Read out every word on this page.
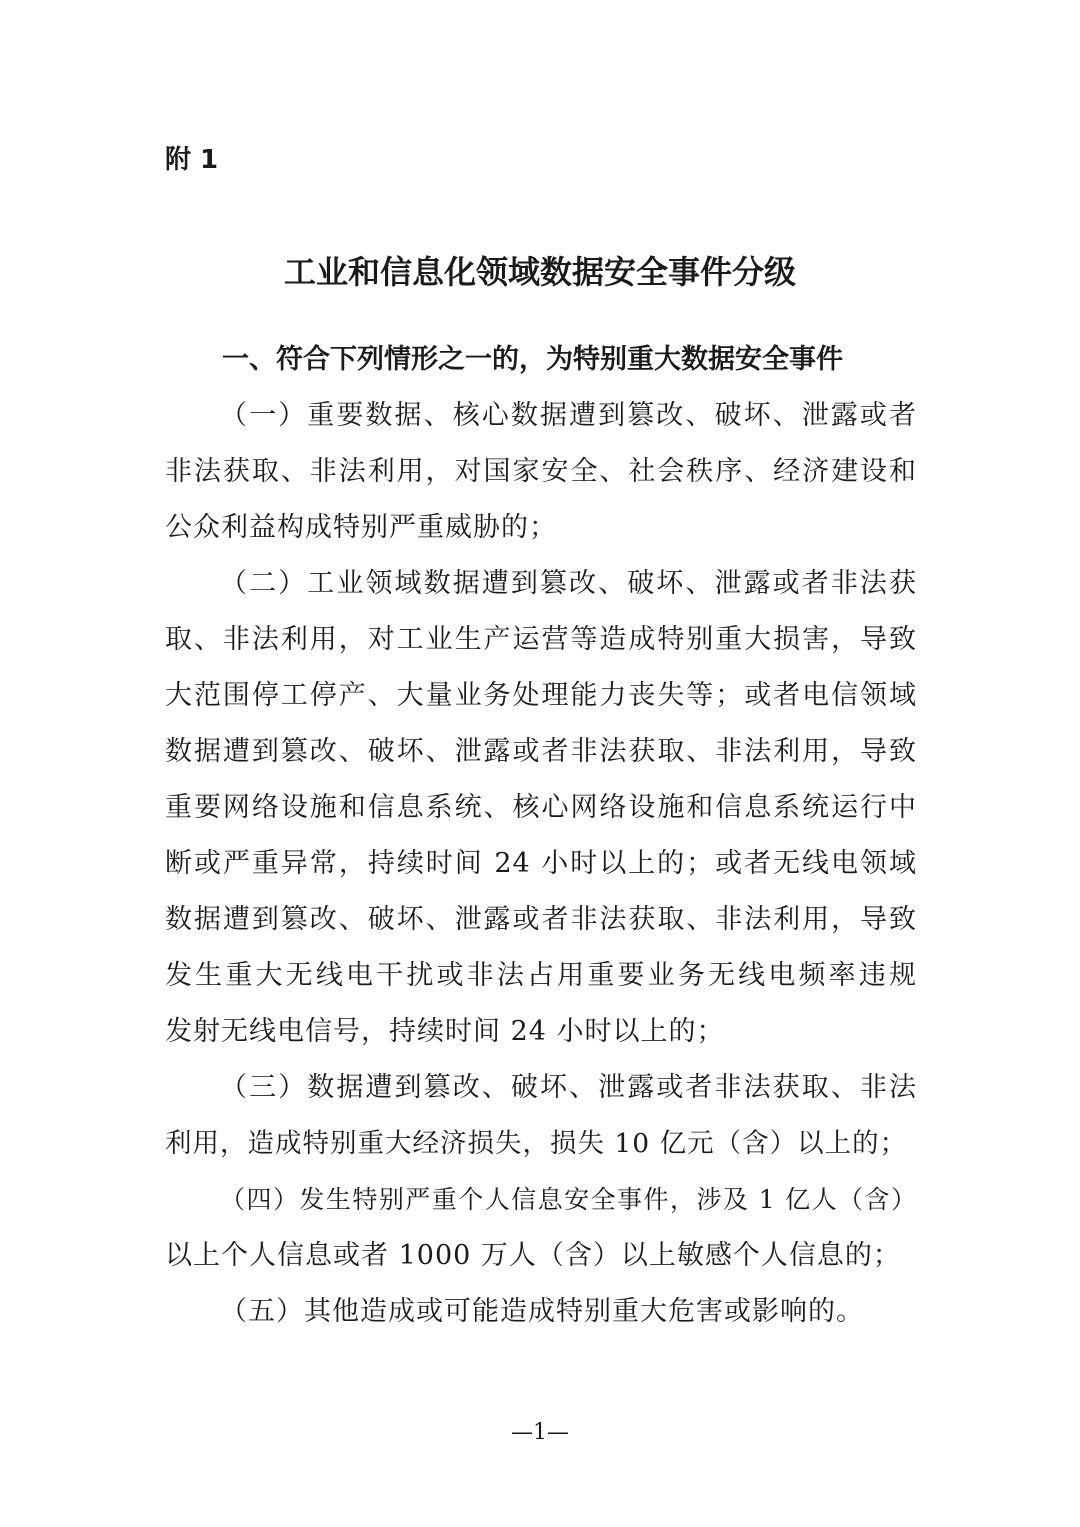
附 1
工业和信息化领域数据安全事件分级
一、符合下列情形之一的，为特别重大数据安全事件
（一）重要数据、核心数据遭到篡改、破坏、泄露或者
非法获取、非法利用，对国家安全、社会秩序、经济建设和
公众利益构成特别严重威胁的；
（二）工业领域数据遭到篡改、破坏、泄露或者非法获
取、非法利用，对工业生产运营等造成特别重大损害，导致
大范围停工停产、大量业务处理能力丧失等；或者电信领域
数据遭到篡改、破坏、泄露或者非法获取、非法利用，导致
重要网络设施和信息系统、核心网络设施和信息系统运行中
断或严重异常，持续时间 24 小时以上的；或者无线电领域
数据遭到篡改、破坏、泄露或者非法获取、非法利用，导致
发生重大无线电干扰或非法占用重要业务无线电频率违规
发射无线电信号，持续时间 24 小时以上的；
（三）数据遭到篡改、破坏、泄露或者非法获取、非法
利用，造成特别重大经济损失，损失 10 亿元（含）以上的；
（四）发生特别严重个人信息安全事件，涉及 1 亿人（含）
以上个人信息或者 1000 万人（含）以上敏感个人信息的；
（五）其他造成或可能造成特别重大危害或影响的。
—1—
